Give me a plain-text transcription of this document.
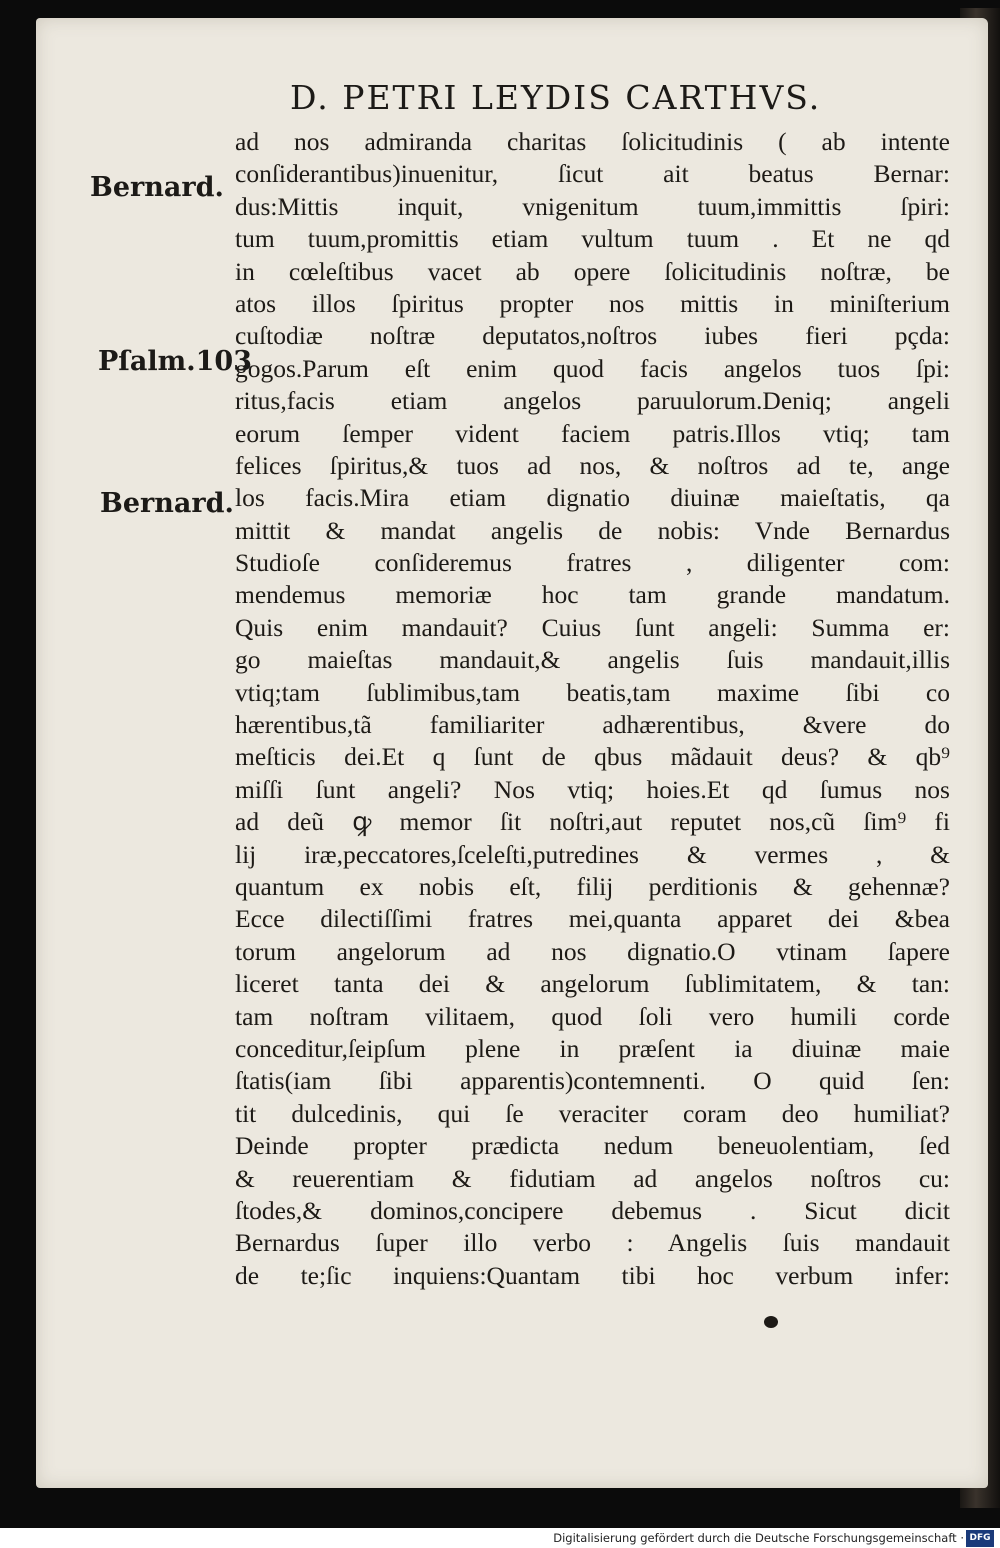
D. PETRI LEYDIS CARTHVS.
Bernard.
Pſalm.103
Bernard.
ad nos admiranda charitas ſolicitudinis ( ab intente
conſiderantibus)inuenitur, ſicut ait beatus Bernar:
dus:Mittis inquit, vnigenitum tuum,immittis ſpiri:
tum tuum,promittis etiam vultum tuum . Et ne qd
in cœleſtibus vacet ab opere ſolicitudinis noſtræ, be
atos illos ſpiritus propter nos mittis in miniſterium
cuſtodiæ noſtræ deputatos,noſtros iubes fieri pçda:
gogos.Parum eſt enim quod facis angelos tuos ſpi:
ritus,facis etiam angelos paruulorum.Deniq; angeli
eorum ſemper vident faciem patris.Illos vtiq; tam
felices ſpiritus,& tuos ad nos, & noſtros ad te, ange
los facis.Mira etiam dignatio diuinæ maieſtatis, qa
mittit & mandat angelis de nobis: Vnde Bernardus
Studioſe conſideremus fratres , diligenter com:
mendemus memoriæ hoc tam grande mandatum.
Quis enim mandauit? Cuius ſunt angeli: Summa er:
go maieſtas mandauit,& angelis ſuis mandauit,illis
vtiq;tam ſublimibus,tam beatis,tam maxime ſibi co
hærentibus,tã familiariter adhærentibus, &vere do
meſticis dei.Et q ſunt de qbus mãdauit deus? & qb⁹
miſſi ſunt angeli? Nos vtiq; hoies.Et qd ſumus nos
ad deũ ꝙ memor ſit noſtri,aut reputet nos,cũ ſim⁹ fi
lij iræ,peccatores,ſceleſti,putredines & vermes , &
quantum ex nobis eſt, filij perditionis & gehennæ?
Ecce dilectiſſimi fratres mei,quanta apparet dei &bea
torum angelorum ad nos dignatio.O vtinam ſapere
liceret tanta dei & angelorum ſublimitatem, & tan:
tam noſtram vilitaem, quod ſoli vero humili corde
conceditur,ſeipſum plene in præſent ia diuinæ maie
ſtatis(iam ſibi apparentis)contemnenti. O quid ſen:
tit dulcedinis, qui ſe veraciter coram deo humiliat?
Deinde propter prædicta nedum beneuolentiam, ſed
& reuerentiam & fidutiam ad angelos noſtros cu:
ſtodes,& dominos,concipere debemus . Sicut dicit
Bernardus ſuper illo verbo : Angelis ſuis mandauit
de te;ſic inquiens:Quantam tibi hoc verbum infer:
Digitalisierung gefördert durch die Deutsche Forschungsgemeinschaft · DFG
